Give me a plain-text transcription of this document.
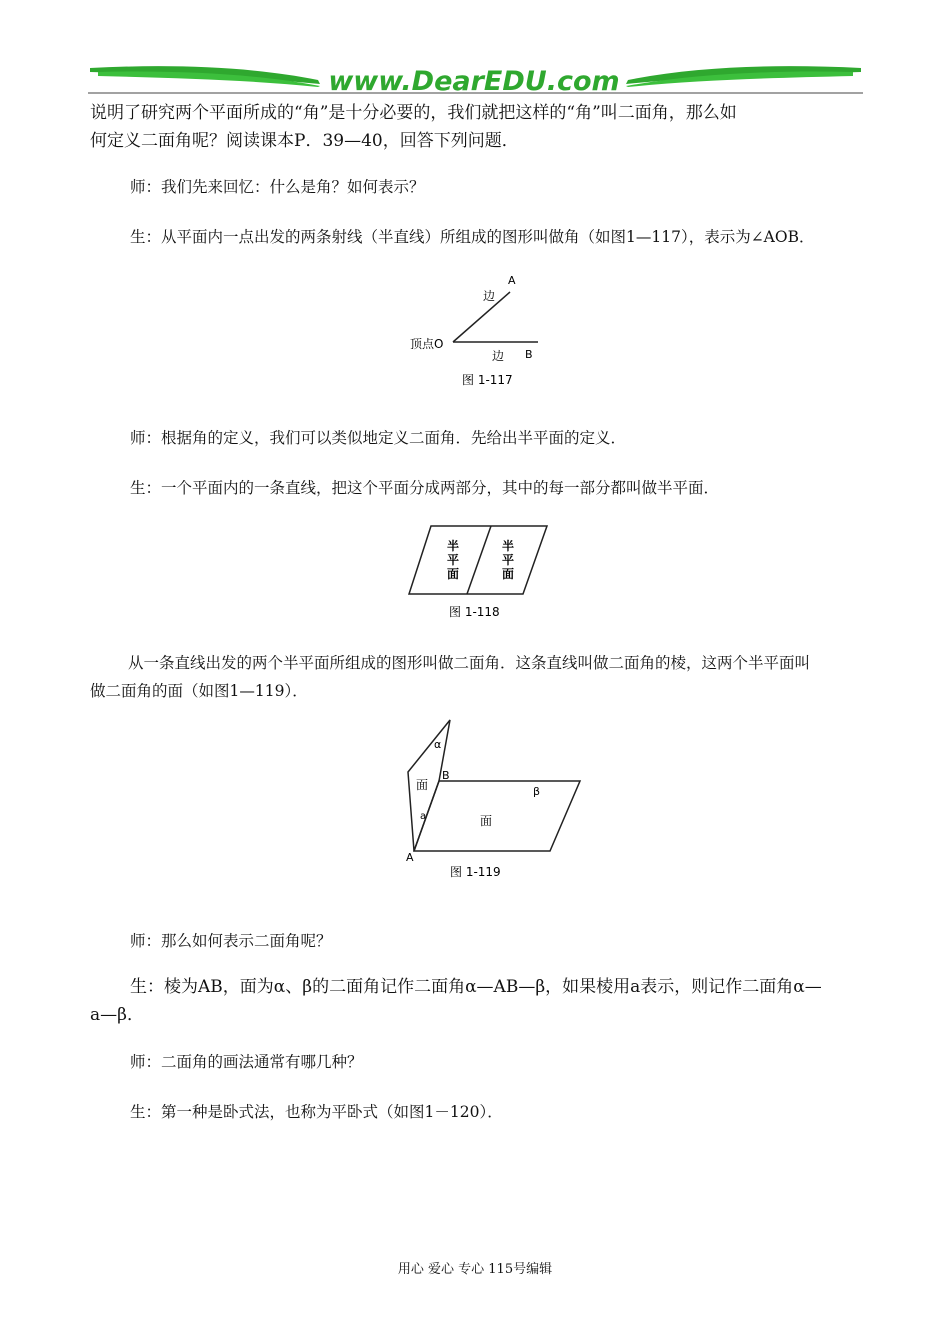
www.DearEDU.com
说明了研究两个平面所成的“角”是十分必要的，我们就把这样的“角”叫二面角，那么如
何定义二面角呢？阅读课本P．39—40，回答下列问题．
师：我们先来回忆：什么是角？如何表示？
生：从平面内一点出发的两条射线（半直线）所组成的图形叫做角（如图1—117），表示为∠AOB．
A
边
顶点O
边 B
图 1-117
师：根据角的定义，我们可以类似地定义二面角．先给出半平面的定义．
生：一个平面内的一条直线，把这个平面分成两部分，其中的每一部分都叫做半平面．
半
平
面
半
平
面
图 1-118
从一条直线出发的两个半平面所组成的图形叫做二面角．这条直线叫做二面角的棱，这两个半平面叫
做二面角的面（如图1—119）．
α
面
B
β
a	面
A
图 1-119
师：那么如何表示二面角呢？
生：棱为AB，面为α、β的二面角记作二面角α—AB—β，如果棱用a表示，则记作二面角α—
a—β．
师：二面角的画法通常有哪几种？
生：第一种是卧式法，也称为平卧式（如图1－120）．
用心 爱心 专心 115号编辑
